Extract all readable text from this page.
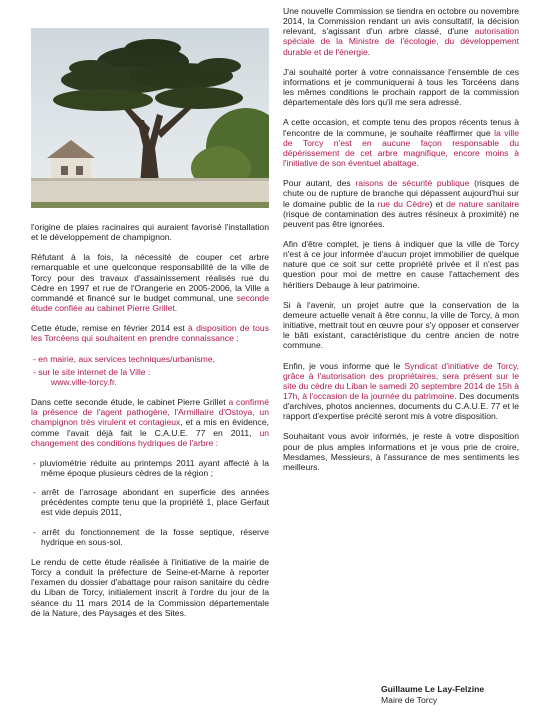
l'origine de plaies racinaires qui auraient favorisé l'installation et le développement de champignon.

Réfutant à la fois, la nécessité de couper cet arbre remarquable et une quelconque responsabilité de la ville de Torcy pour des travaux d'assainissement réalisés rue du Cèdre en 1997 et rue de l'Orangerie en 2005-2006, la Ville a commandé et financé sur le budget communal, une seconde étude confiée au cabinet Pierre Grillet.

Cette étude, remise en février 2014 est à disposition de tous les Torcéens qui souhaitent en prendre connaissance :

- en mairie, aux services techniques/urbanisme,
- sur le site internet de la Ville :
www.ville-torcy.fr.

Dans cette seconde étude, le cabinet Pierre Grillet a confirmé la présence de l'agent pathogène, l'Armillaire d'Ostoya, un champignon très virulent et contagieux, et a mis en évidence, comme l'avait déjà fait le C.A.U.E. 77 en 2011, un changement des conditions hydriques de l'arbre :

- pluviométrie réduite au printemps 2011 ayant affecté à la même époque plusieurs cèdres de la région ;
- arrêt de l'arrosage abondant en superficie des années précédentes compte tenu que la propriété 1, place Gerfaut est vide depuis 2011,
- arrêt du fonctionnement de la fosse septique, réserve hydrique en sous-sol.

Le rendu de cette étude réalisée à l'initiative de la mairie de Torcy a conduit la préfecture de Seine-et-Marne à reporter l'examen du dossier d'abattage pour raison sanitaire du cèdre du Liban de Torcy, initialement inscrit à l'ordre du jour de la séance du 11 mars 2014 de la Commission départementale de la Nature, des Paysages et des Sites.

Une nouvelle Commission se tiendra en octobre ou novembre 2014, la Commission rendant un avis consultatif, la décision relevant, s'agissant d'un arbre classé, d'une autorisation spéciale de la Ministre de l'écologie, du développement durable et de l'énergie.

J'ai souhaité porter à votre connaissance l'ensemble de ces informations et je communiquerai à tous les Torcéens dans les mêmes conditions le prochain rapport de la commission départementale dès lors qu'il me sera adressé.

A cette occasion, et compte tenu des propos récents tenus à l'encontre de la commune, je souhaite réaffirmer que la ville de Torcy n'est en aucune façon responsable du dépérissement de cet arbre magnifique, encore moins à l'initiative de son éventuel abattage.

Pour autant, des raisons de sécurité publique (risques de chute ou de rupture de branche qui dépassent aujourd'hui sur le domaine public de la rue du Cèdre) et de nature sanitaire (risque de contamination des autres résineux à proximité) ne peuvent pas être ignorées.

Afin d'être complet, je tiens à indiquer que la ville de Torcy n'est à ce jour informée d'aucun projet immobilier de quelque nature que ce soit sur cette propriété privée et il n'est pas question pour moi de mettre en cause l'attachement des héritiers Debauge à leur patrimoine.

Si à l'avenir, un projet autre que la conservation de la demeure actuelle venait à être connu, la ville de Torcy, à mon initiative, mettrait tout en œuvre pour s'y opposer et conserver le bâti existant, caractéristique du centre ancien de notre commune.

Enfin, je vous informe que le Syndicat d'initiative de Torcy, grâce à l'autorisation des propriétaires, sera présent sur le site du cèdre du Liban le samedi 20 septembre 2014 de 15h à 17h, à l'occasion de la journée du patrimoine. Des documents d'archives, photos anciennes, documents du C.A.U.E. 77 et le rapport d'expertise précité seront mis à votre disposition.

Souhaitant vous avoir informés, je reste à votre disposition pour de plus amples informations et je vous prie de croire, Mesdames, Messieurs, à l'assurance de mes sentiments les meilleurs.

Guillaume Le Lay-Felzine
Maire de Torcy
